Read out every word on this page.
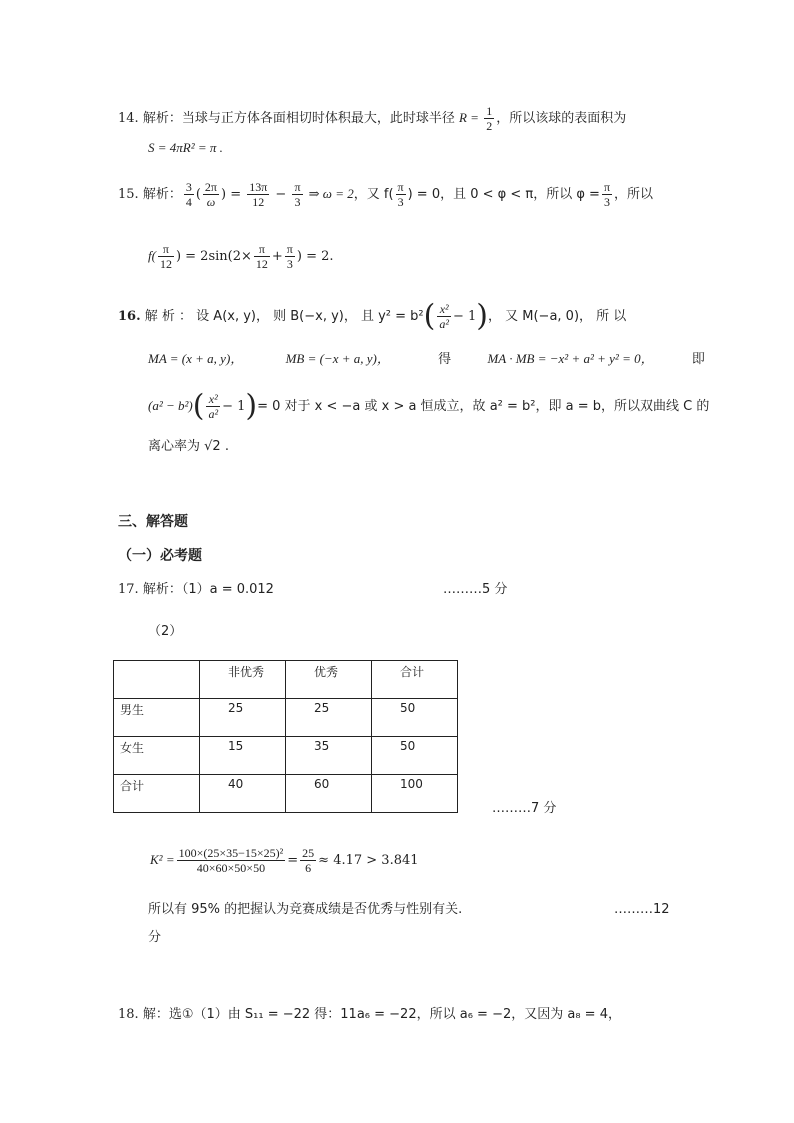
14. 解析：当球与正方体各面相切时体积最大，此时球半径 $R = \frac{1}{2}$ ，所以该球的表面积为
S = 4πR² = π .
15. 解析： $\frac{3}{4}$ ( $\frac{2\pi}{\omega}$ ) = $\frac{13\pi}{12} - \frac{\pi}{3}$ ⇒ ω = 2，又 $f( \frac{\pi}{3}$ ) = 0，且 0 < φ < π，所以 $\varphi = \frac{\pi}{3}$ ，所以
$f( \frac{\pi}{12}$ ) = $2\sin(2\times \frac{\pi}{12} + \frac{\pi}{3}$ ) = 2.
16. 解 析 ： 设 A(x, y)， 则 B(−x, y)， 且 $y^2 = b^2( \frac{\text{x²}}{\text{a²}} - 1)$， 又 M(−a, 0)， 所 以
MA = (x + a, y)，	MB = (−x + a, y)，	得	MA · MB = −x² + a² + y² = 0，	即
$(a^2 - b^2)( \frac{\text{x²}}{\text{a²}} - 1)= 0$ 对于 x < −a 或 x > a 恒成立，故 a² = b²，即 a = b，所以双曲线 C 的
离心率为 √2 .
三、解答题
（一）必考题
17. 解析：（1）a = 0.012	………5 分
（2）
	非优秀	优秀	合计
男生	25	25	50
女生	15	35	50
合计	40	60	100
………7 分
$K^2 = \frac{\text{100×(25×35−15×25)²}}{40\times 60\times 50\times 50} = \frac{25}{6} \approx 4.17 > 3.841$
所以有 95% 的把握认为竞赛成绩是否优秀与性别有关.	………12
分
18. 解：选①（1）由 S₁₁ = −22 得：11a₆ = −22，所以 a₆ = −2，又因为 a₈ = 4，
